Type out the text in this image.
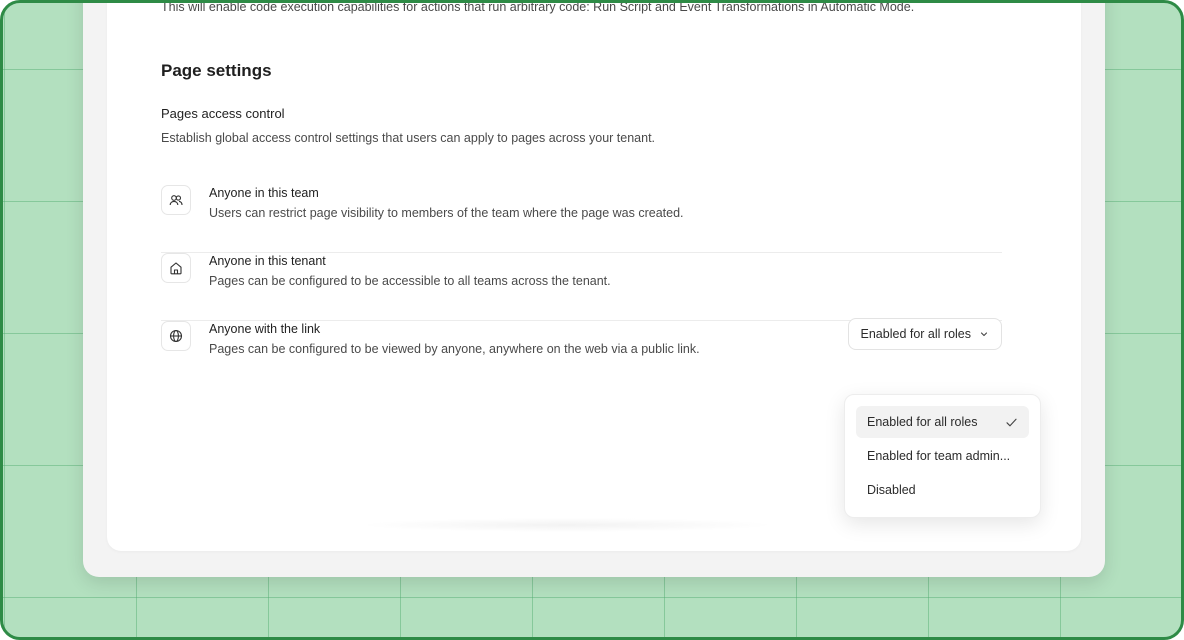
This will enable code execution capabilities for actions that run arbitrary code: Run Script and Event Transformations in Automatic Mode.

Page settings

Pages access control

Establish global access control settings that users can apply to pages across your tenant.

Anyone in this team

Users can restrict page visibility to members of the team where the page was created.

Anyone in this tenant

Pages can be configured to be accessible to all teams across the tenant.

Anyone with the link

Pages can be configured to be viewed by anyone, anywhere on the web via a public link.

Enabled for all roles
Enabled for all roles
Enabled for team admin...
Disabled
